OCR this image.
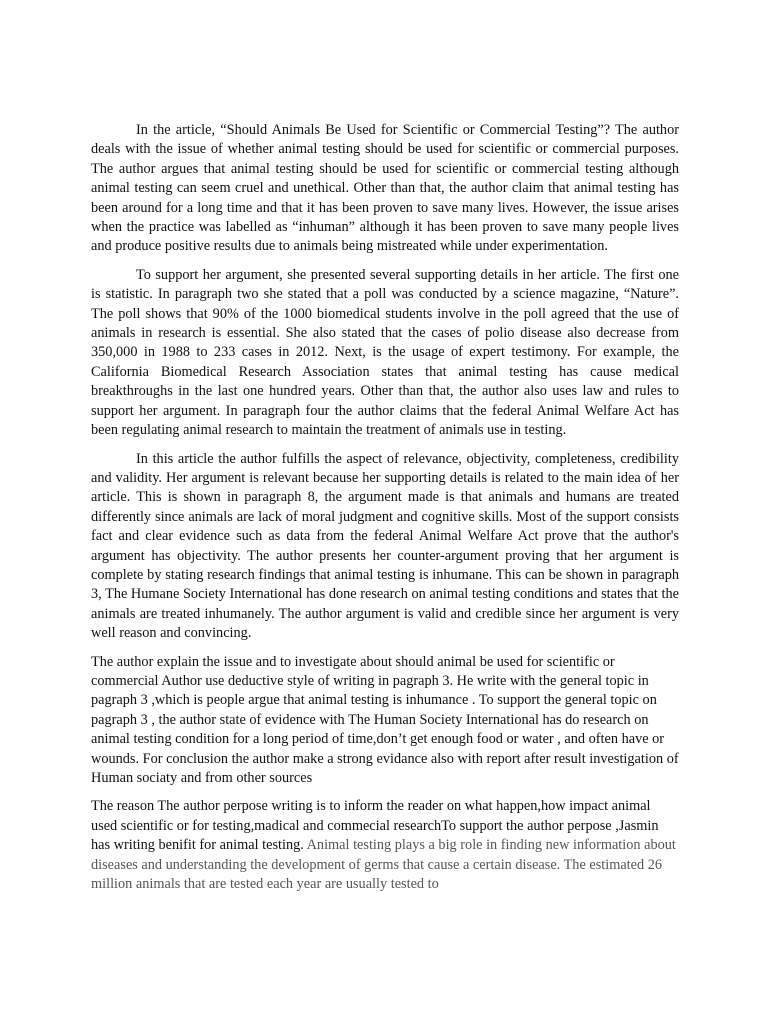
In the article, “Should Animals Be Used for Scientific or Commercial Testing”? The author deals with the issue of whether animal testing should be used for scientific or commercial purposes. The author argues that animal testing should be used for scientific or commercial testing although animal testing can seem cruel and unethical. Other than that, the author claim that animal testing has been around for a long time and that it has been proven to save many lives. However, the issue arises when the practice was labelled as “inhuman” although it has been proven to save many people lives and produce positive results due to animals being mistreated while under experimentation.

To support her argument, she presented several supporting details in her article. The first one is statistic. In paragraph two she stated that a poll was conducted by a science magazine, “Nature”. The poll shows that 90% of the 1000 biomedical students involve in the poll agreed that the use of animals in research is essential. She also stated that the cases of polio disease also decrease from 350,000 in 1988 to 233 cases in 2012. Next, is the usage of expert testimony. For example, the California Biomedical Research Association states that animal testing has cause medical breakthroughs in the last one hundred years. Other than that, the author also uses law and rules to support her argument. In paragraph four the author claims that the federal Animal Welfare Act has been regulating animal research to maintain the treatment of animals use in testing.

In this article the author fulfills the aspect of relevance, objectivity, completeness, credibility and validity. Her argument is relevant because her supporting details is related to the main idea of her article. This is shown in paragraph 8, the argument made is that animals and humans are treated differently since animals are lack of moral judgment and cognitive skills. Most of the support consists fact and clear evidence such as data from the federal Animal Welfare Act prove that the author's argument has objectivity. The author presents her counter-argument proving that her argument is complete by stating research findings that animal testing is inhumane. This can be shown in paragraph 3, The Humane Society International has done research on animal testing conditions and states that the animals are treated inhumanely. The author argument is valid and credible since her argument is very well reason and convincing.

The author explain the issue and to investigate about should animal be used for scientific or commercial Author use deductive style of writing in pagraph 3. He write with the general topic in pagraph 3 ,which is people argue that animal testing is inhumance . To support the general topic on pagraph 3 , the author state of evidence with The Human Society International has do research on animal testing condition for a long period of time,don’t get enough food or water , and often have or wounds. For conclusion the author make a strong evidance also with report after result investigation of Human sociaty and from other sources

The reason The author perpose writing is to inform the reader on what happen,how impact animal used scientific or for testing,madical and commecial researchTo support the author perpose ,Jasmin has writing benifit for animal testing. Animal testing plays a big role in finding new information about diseases and understanding the development of germs that cause a certain disease. The estimated 26 million animals that are tested each year are usually tested to
